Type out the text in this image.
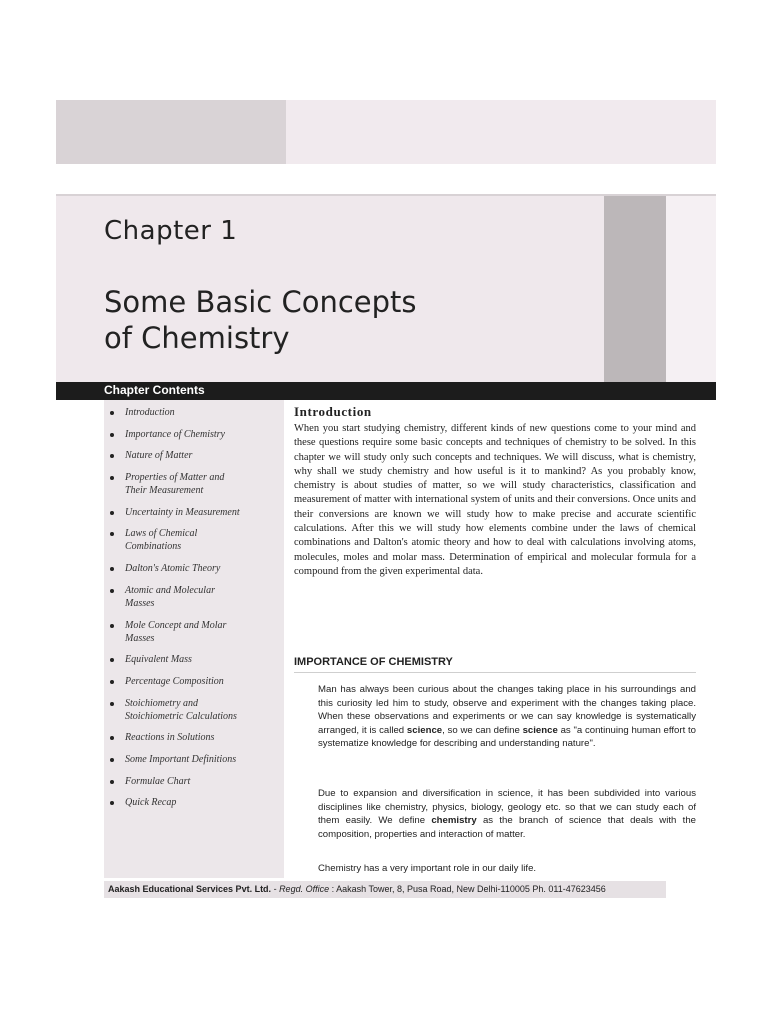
Chapter 1
Some Basic Concepts
of Chemistry
Chapter Contents
Introduction
Importance of Chemistry
Nature of Matter
Properties of Matter and
Their Measurement
Uncertainty in Measurement
Laws of Chemical
Combinations
Dalton's Atomic Theory
Atomic and Molecular
Masses
Mole Concept and Molar
Masses
Equivalent Mass
Percentage Composition
Stoichiometry and
Stoichiometric Calculations
Reactions in Solutions
Some Important Definitions
Formulae Chart
Quick Recap
Introduction

When you start studying chemistry, different kinds of new questions come to your mind and these questions require some basic concepts and techniques of chemistry to be solved. In this chapter we will study only such concepts and techniques. We will discuss, what is chemistry, why shall we study chemistry and how useful is it to mankind? As you probably know, chemistry is about studies of matter, so we will study characteristics, classification and measurement of matter with international system of units and their conversions. Once units and their conversions are known we will study how to make precise and accurate scientific calculations. After this we will study how elements combine under the laws of chemical combinations and Dalton's atomic theory and how to deal with calculations involving atoms, molecules, moles and molar mass. Determination of empirical and molecular formula for a compound from the given experimental data.

IMPORTANCE OF CHEMISTRY

Man has always been curious about the changes taking place in his surroundings and this curiosity led him to study, observe and experiment with the changes taking place. When these observations and experiments or we can say knowledge is systematically arranged, it is called science, so we can define science as "a continuing human effort to systematize knowledge for describing and understanding nature".

Due to expansion and diversification in science, it has been subdivided into various disciplines like chemistry, physics, biology, geology etc. so that we can study each of them easily. We define chemistry as the branch of science that deals with the composition, properties and interaction of matter.

Chemistry has a very important role in our daily life.

Aakash Educational Services Pvt. Ltd. - Regd. Office : Aakash Tower, 8, Pusa Road, New Delhi-110005 Ph. 011-47623456
